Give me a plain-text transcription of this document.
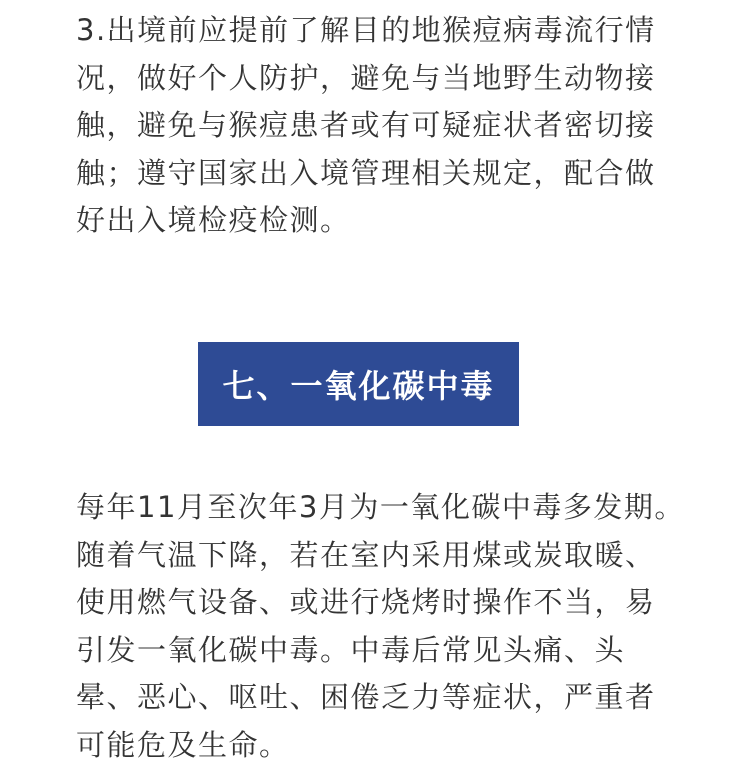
3.出境前应提前了解目的地猴痘病毒流行情
况，做好个人防护，避免与当地野生动物接
触，避免与猴痘患者或有可疑症状者密切接
触；遵守国家出入境管理相关规定，配合做
好出入境检疫检测。
七、一氧化碳中毒
每年11月至次年3月为一氧化碳中毒多发期。
随着气温下降，若在室内采用煤或炭取暖、
使用燃气设备、或进行烧烤时操作不当，易
引发一氧化碳中毒。中毒后常见头痛、头
晕、恶心、呕吐、困倦乏力等症状，严重者
可能危及生命。
